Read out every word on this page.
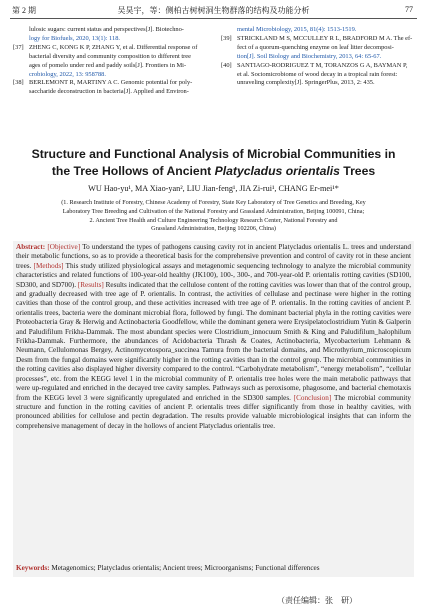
第 2 期	吴昊宇，等：侧柏古树树洞生物群落的结构及功能分析	77
lulosic sugars: current status and perspectives[J]. Biotechno-
logy for Biofuels, 2020, 13(1): 118.
[37] ZHENG C, KONG K P, ZHANG Y, et al. Differential response of
bacterial diversity and community composition to different tree
ages of pomelo under red and paddy soils[J]. Frontiers in Mi-
crobiology, 2022, 13: 958788.
[38] BERLEMONT R, MARTINY A C. Genomic potential for poly-
saccharide deconstruction in bacteria[J]. Applied and Environ-
mental Microbiology, 2015, 81(4): 1513-1519.
[39] STRICKLAND M S, MCCULLEY R L, BRADFORD M A. The ef-
fect of a quorum-quenching enzyme on leaf litter decomposi-
tion[J]. Soil Biology and Biochemistry, 2013, 64: 65-67.
[40] SANTIAGO-RODRIGUEZ T M, TORANZOS G A, BAYMAN P,
et al. Sociomicrobiome of wood decay in a tropical rain forest:
unraveling complexity[J]. SpringerPlus, 2013, 2: 435.
Structure and Functional Analysis of Microbial Communities in
the Tree Hollows of Ancient Platycladus orientalis Trees
WU Hao-yu¹, MA Xiao-yan², LIU Jian-feng¹, JIA Zi-rui¹, CHANG Er-mei¹*
(1. Research Institute of Forestry, Chinese Academy of Forestry, State Key Laboratory of Tree Genetics and Breeding, Key
Laboratory Tree Breeding and Cultivation of the National Forestry and Grassland Administration, Beijing 100091, China;
2. Ancient Tree Health and Culture Engineering Technology Research Center, National Forestry and
Grassland Administration, Beijing 102206, China)
Abstract: [Objective] To understand the types of pathogens causing cavity rot in ancient Platycladus orientalis L. trees and understand their metabolic functions, so as to provide a theoretical basis for the comprehensive prevention and control of cavity rot in these ancient trees. [Methods] This study utilized physiological assays and metagenomic sequencing technology to analyze the microbial community characteristics and related functions of 100-year-old healthy (JK100), 100-, 300-, and 700-year-old P. orientalis rotting cavities (SD100, SD300, and SD700). [Results] Results indicated that the cellulose content of the rotting cavities was lower than that of the control group, and gradually decreased with tree age of P. orientalis. In contrast, the activities of cellulase and pectinase were higher in the rotting cavities than those of the control group, and these activities increased with tree age of P. orientalis. In the rotting cavities of ancient P. orientalis trees, bacteria were the dominant microbial flora, followed by fungi. The dominant bacterial phyla in the rotting cavities were Proteobacteria Gray & Herwig and Actinobacteria Goodfellow, while the dominant genera were Erysipelatoclostridium Yutin & Galperin and Paludifilum Frikha-Dammak. The most abundant species were Clostridium_innocuum Smith & King and Paludifilum_halophilum Frikha-Dammak. Furthermore, the abundances of Acidobacteria Thrash & Coates, Actinobacteria, Mycobacterium Lehmann & Neumann, Cellulomonas Bergey, Actinomycetospora_succinea Tamura from the bacterial domains, and Microthyrium_microscopicum Desm from the fungal domains were significantly higher in the rotting cavities than in the control group. The microbial communities in the rotting cavities also displayed higher diversity compared to the control. “Carbohydrate metabolism”, “energy metabolism”, “cellular processes”, etc. from the KEGG level 1 in the microbial community of P. orientalis tree holes were the main metabolic pathways that were up-regulated and enriched in the decayed tree cavity samples. Pathways such as peroxisome, phagosome, and bacterial chemotaxis from the KEGG level 3 were significantly upregulated and enriched in the SD300 samples. [Conclusion] The microbial community structure and function in the rotting cavities of ancient P. orientalis trees differ significantly from those in healthy cavities, with pronounced abilities for cellulose and pectin degradation. The results provide valuable microbiological insights that can inform the comprehensive management of decay in the hollows of ancient Platycladus orientalis tree.
Keywords: Metagenomics; Platycladus orientalis; Ancient trees; Microorganisms; Functional differences
（责任编辑：张　研）
